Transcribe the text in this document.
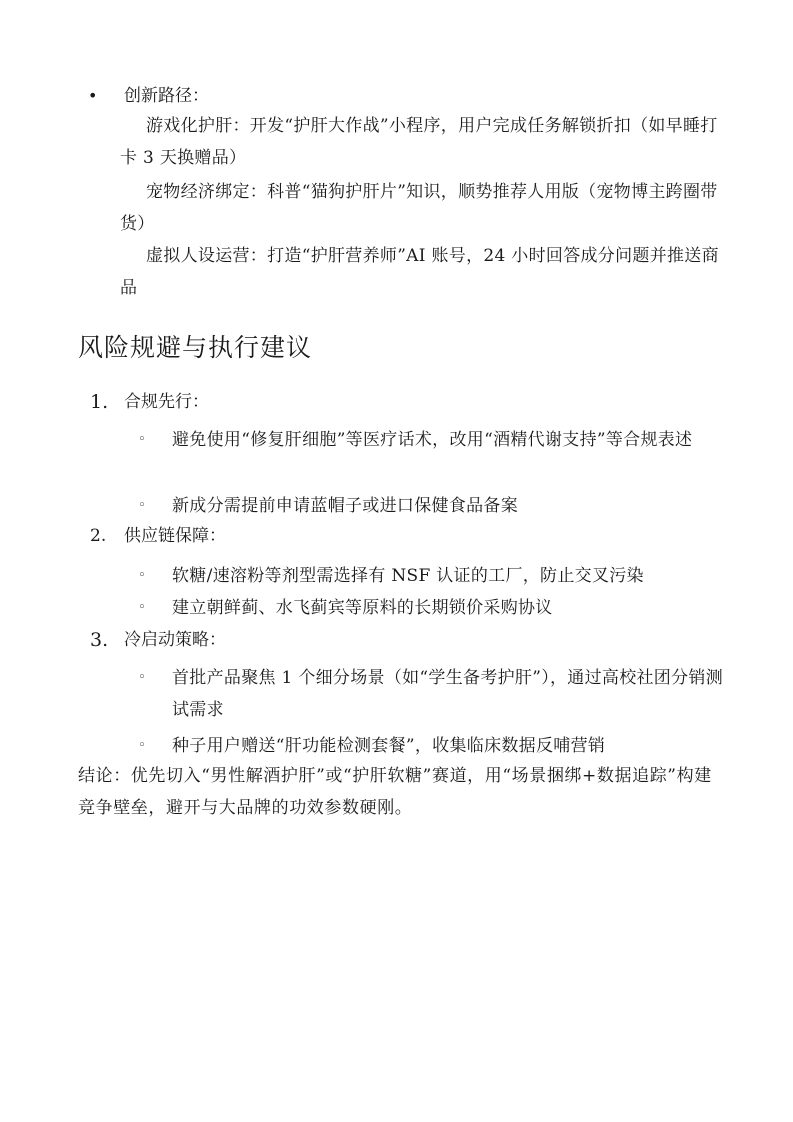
•	创新路径：
游戏化护肝：开发“护肝大作战”小程序，用户完成任务解锁折扣（如早睡打卡 3 天换赠品）
宠物经济绑定：科普“猫狗护肝片”知识，顺势推荐人用版（宠物博主跨圈带货）
虚拟人设运营：打造“护肝营养师”AI 账号，24 小时回答成分问题并推送商品
风险规避与执行建议
1. 合规先行：
◦ 避免使用“修复肝细胞”等医疗话术，改用“酒精代谢支持”等合规表述
◦ 新成分需提前申请蓝帽子或进口保健食品备案
2.	供应链保障：
◦ 软糖/速溶粉等剂型需选择有 NSF 认证的工厂，防止交叉污染
◦ 建立朝鲜蓟、水飞蓟宾等原料的长期锁价采购协议
3. 冷启动策略：
◦ 首批产品聚焦 1 个细分场景（如“学生备考护肝”），通过高校社团分销测试需求
◦ 种子用户赠送“肝功能检测套餐”，收集临床数据反哺营销
结论：优先切入“男性解酒护肝”或“护肝软糖”赛道，用“场景捆绑+数据追踪”构建竞争壁垒，避开与大品牌的功效参数硬刚。
